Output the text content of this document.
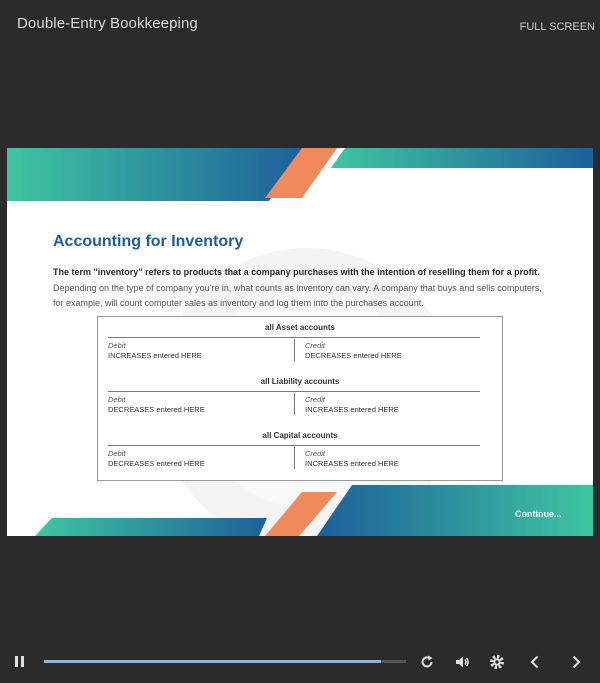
Double-Entry Bookkeeping	FULL SCREEN
Accounting for Inventory
The term "inventory" refers to products that a company purchases with the intention of reselling them for a profit.
Depending on the type of company you're in, what counts as inventory can vary. A company that buys and sells computers, for example, will count computer sales as inventory and log them into the purchases account.
all Asset accounts
Debit
INCREASES entered HERE
Credit
DECREASES entered HERE
all Liability accounts
Debit
DECREASES entered HERE
Credit
INCREASES entered HERE
all Capital accounts
Debit
DECREASES entered HERE
Credit
INCREASES entered HERE
Continue...
